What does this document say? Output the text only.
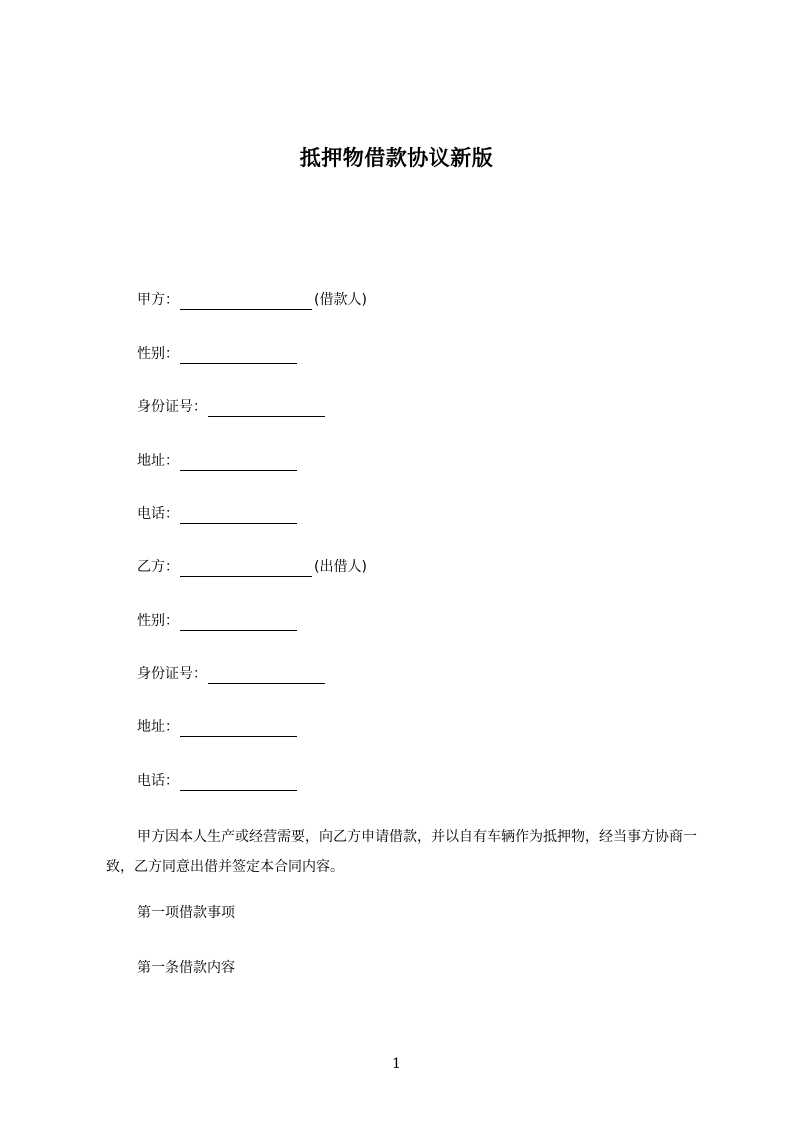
抵押物借款协议新版
甲方：	(借款人)
性别：
身份证号：
地址：
电话：
乙方：	(出借人)
性别：
身份证号：
地址：
电话：
甲方因本人生产或经营需要，向乙方申请借款，并以自有车辆作为抵押物，经当事方协商一致，乙方同意出借并签定本合同内容。
第一项借款事项
第一条借款内容
1
